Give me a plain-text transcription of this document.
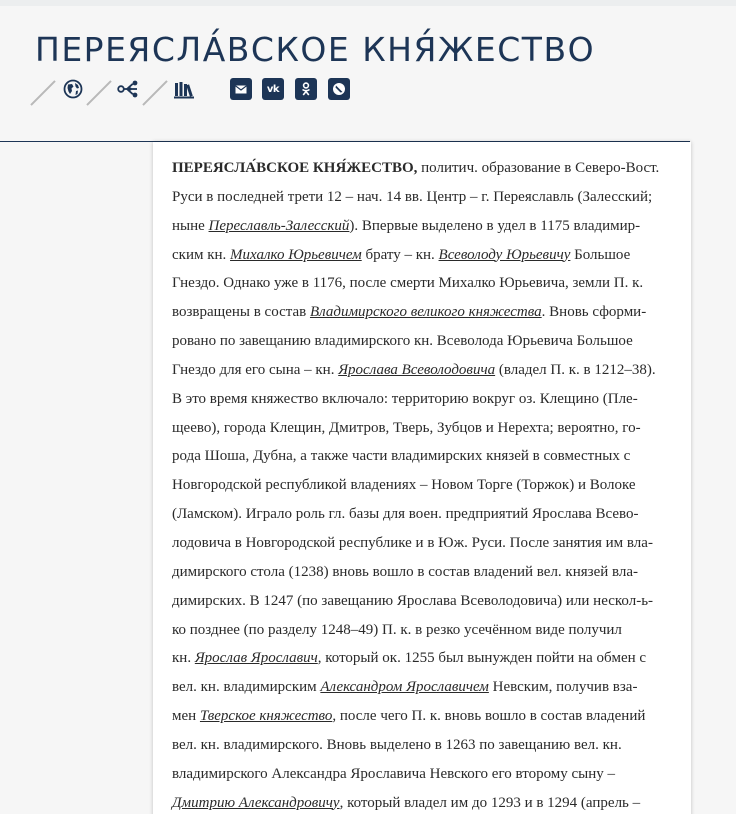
ПЕРЕЯСЛА́ВСКОЕ КНЯ́ЖЕСТВО
vk
ПЕРЕЯСЛА́ВСКОЕ КНЯ́ЖЕСТВО, политич. образование в Северо-Вост.
Руси в последней трети 12 – нач. 14 вв. Центр – г. Переяславль (Залесский;
ныне Переславль-Залесский). Впервые выделено в удел в 1175 владимир-
ским кн. Михалко Юрьевичем брату – кн. Всеволоду Юрьевичу Большое
Гнездо. Однако уже в 1176, после смерти Михалко Юрьевича, земли П. к.
возвращены в состав Владимирского великого княжества. Вновь сформи-
ровано по завещанию владимирского кн. Всеволода Юрьевича Большое
Гнездо для его сына – кн. Ярослава Всеволодовича (владел П. к. в 1212–38).
В это время княжество включало: территорию вокруг оз. Клещино (Пле-
щеево), города Клещин, Дмитров, Тверь, Зубцов и Нерехта; вероятно, го-
рода Шоша, Дубна, а также части владимирских князей в совместных с
Новгородской республикой владениях – Новом Торге (Торжок) и Волоке
(Ламском). Играло роль гл. базы для воен. предприятий Ярослава Всево-
лодовича в Новгородской республике и в Юж. Руси. После занятия им вла-
димирского стола (1238) вновь вошло в состав владений вел. князей вла-
димирских. В 1247 (по завещанию Ярослава Всеволодовича) или нескол-ь-
ко позднее (по разделу 1248–49) П. к. в резко усечённом виде получил
кн. Ярослав Ярославич, который ок. 1255 был вынужден пойти на обмен с
вел. кн. владимирским Александром Ярославичем Невским, получив вза-
мен Тверское княжество, после чего П. к. вновь вошло в состав владений
вел. кн. владимирского. Вновь выделено в 1263 по завещанию вел. кн.
владимирского Александра Ярославича Невского его второму сыну –
Дмитрию Александровичу, который владел им до 1293 и в 1294 (апрель –
